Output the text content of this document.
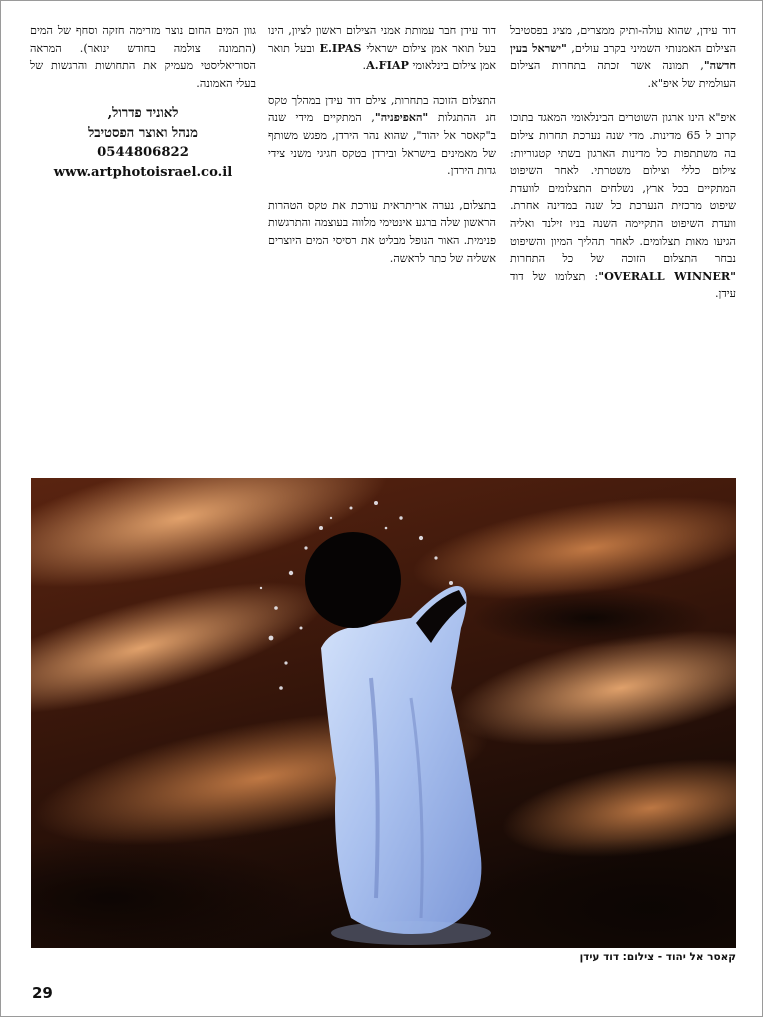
דוד עידן, שהוא עולה-ותיק ממצרים, מציג בפסטיבל הצילום האמנותי השמיני בקרב עולים, "ישראל בעין חדשה", תמונה אשר זכתה בתחרות הצילום העולמית של איפ"א.

איפ"א הינו ארגון השוטרים הבינלאומי המאגד בתוכו קרוב ל 65 מדינות. מדי שנה נערכת תחרות צילום בה משתתפות כל מדינות הארגון בשתי קטגוריות: צילום כללי וצילום משטרתי. לאחר השיפוט המתקיים בכל ארץ, נשלחים התצלומים לוועדת שיפוט מרכזית הנערכת כל שנה במדינה אחרת. וועדת השיפוט התקיימה השנה בניו זילנד ואליה הגיעו מאות תצלומים. לאחר תהליך המיון והשיפוט נבחר התצלום הזוכה של כל התחרות "OVERALL WINNER": תצלומו של דוד עידן.

דוד עידן חבר עמותת אמני הצילום ראשון לציון, הינו בעל תואר אמן צילום ישראלי E.IPAS ובעל תואר אמן צילום בינלאומי A.FIAP.

התצלום הזוכה בתחרות, צילם דוד עידן במהלך טקס חג ההתגלות "האפיפניה", המתקיים מידי שנה ב"קאסר אל יהוד", שהוא נהר הירדן, מפגש משותף של מאמינים בישראל ובירדן בטקס חגיגי משני צידי גדות הירדן.

בתצלום, נערה אריתראית עורכת את טקס הטהרות הראשון שלה ברגע אינטימי מלווה בעוצמה והתרגשות פנימית. האור הנופל מבליט את רסיסי המים היוצרים אשליה של כתר לראשה.

גוון המים החום נוצר מזרימה חזקה וסחף של המים (התמונה צולמה בחודש ינואר). המראה הסוריאליסטי מעמיק את התחושות והרגשות של בעלי האמונה.

לאוניד פדרול,
מנהל ואוצר הפסטיבל
0544806822
www.artphotoisrael.co.il
קאסר אל יהוד - צילום: דוד עידן
29
